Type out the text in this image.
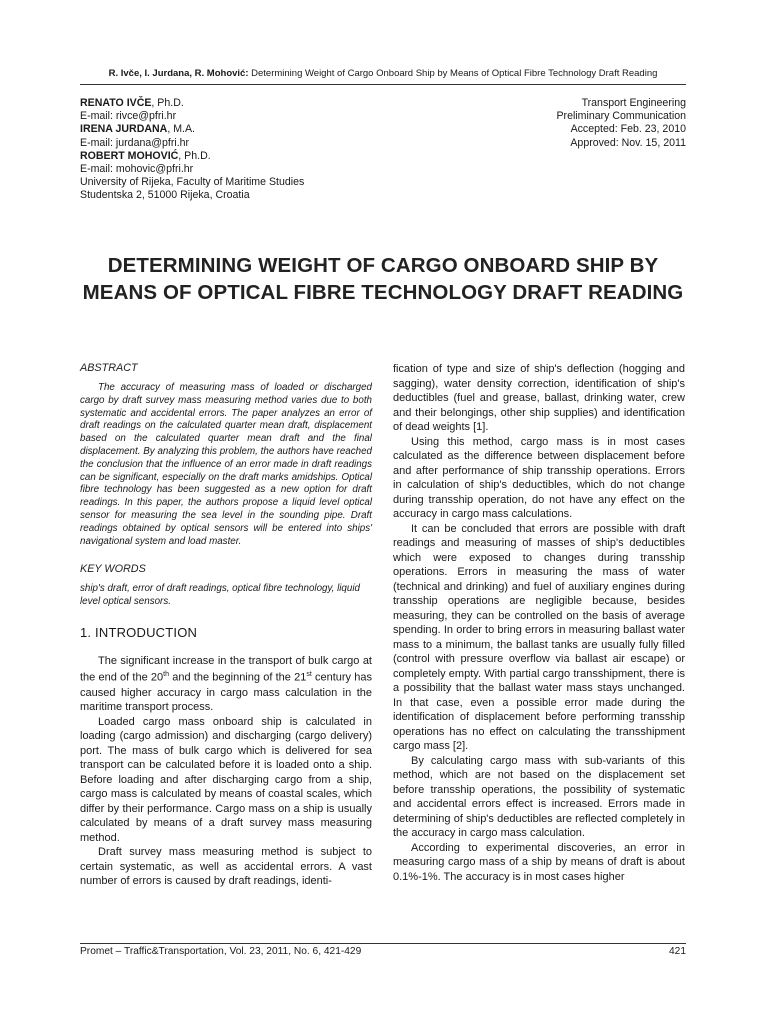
R. Ivče, I. Jurdana, R. Mohović: Determining Weight of Cargo Onboard Ship by Means of Optical Fibre Technology Draft Reading
RENATO IVČE, Ph.D.
E-mail: rivce@pfri.hr
IRENA JURDANA, M.A.
E-mail: jurdana@pfri.hr
ROBERT MOHOVIĆ, Ph.D.
E-mail: mohovic@pfri.hr
University of Rijeka, Faculty of Maritime Studies
Studentska 2, 51000 Rijeka, Croatia
Transport Engineering
Preliminary Communication
Accepted: Feb. 23, 2010
Approved: Nov. 15, 2011
DETERMINING WEIGHT OF CARGO ONBOARD SHIP BY
MEANS OF OPTICAL FIBRE TECHNOLOGY DRAFT READING

ABSTRACT

The accuracy of measuring mass of loaded or discharged cargo by draft survey mass measuring method varies due to both systematic and accidental errors. The paper analyzes an error of draft readings on the calculated quarter mean draft, displacement based on the calculated quarter mean draft and the final displacement. By analyzing this problem, the authors have reached the conclusion that the influence of an error made in draft readings can be significant, especially on the draft marks amidships. Optical fibre technology has been suggested as a new option for draft readings. In this paper, the authors propose a liquid level optical sensor for measuring the sea level in the sounding pipe. Draft readings obtained by optical sensors will be entered into ships' navigational system and load master.

KEY WORDS

ship's draft, error of draft readings, optical fibre technology, liquid level optical sensors.

1. INTRODUCTION

The significant increase in the transport of bulk cargo at the end of the 20th and the beginning of the 21st century has caused higher accuracy in cargo mass calculation in the maritime transport process.

Loaded cargo mass onboard ship is calculated in loading (cargo admission) and discharging (cargo delivery) port. The mass of bulk cargo which is delivered for sea transport can be calculated before it is loaded onto a ship. Before loading and after discharging cargo from a ship, cargo mass is calculated by means of coastal scales, which differ by their performance. Cargo mass on a ship is usually calculated by means of a draft survey mass measuring method.

Draft survey mass measuring method is subject to certain systematic, as well as accidental errors. A vast number of errors is caused by draft readings, identi-

fication of type and size of ship's deflection (hogging and sagging), water density correction, identification of ship's deductibles (fuel and grease, ballast, drinking water, crew and their belongings, other ship supplies) and identification of dead weights [1].

Using this method, cargo mass is in most cases calculated as the difference between displacement before and after performance of ship transship operations. Errors in calculation of ship's deductibles, which do not change during transship operation, do not have any effect on the accuracy in cargo mass calculations.

It can be concluded that errors are possible with draft readings and measuring of masses of ship's deductibles which were exposed to changes during transship operations. Errors in measuring the mass of water (technical and drinking) and fuel of auxiliary engines during transship operations are negligible because, besides measuring, they can be controlled on the basis of average spending. In order to bring errors in measuring ballast water mass to a minimum, the ballast tanks are usually fully filled (control with pressure overflow via ballast air escape) or completely empty. With partial cargo transshipment, there is a possibility that the ballast water mass stays unchanged. In that case, even a possible error made during the identification of displacement before performing transship operations has no effect on calculating the transshipment cargo mass [2].

By calculating cargo mass with sub-variants of this method, which are not based on the displacement set before transship operations, the possibility of systematic and accidental errors effect is increased. Errors made in determining of ship's deductibles are reflected completely in the accuracy in cargo mass calculation.

According to experimental discoveries, an error in measuring cargo mass of a ship by means of draft is about 0.1%-1%. The accuracy is in most cases higher

Promet – Traffic&Transportation, Vol. 23, 2011, No. 6, 421-429	421
